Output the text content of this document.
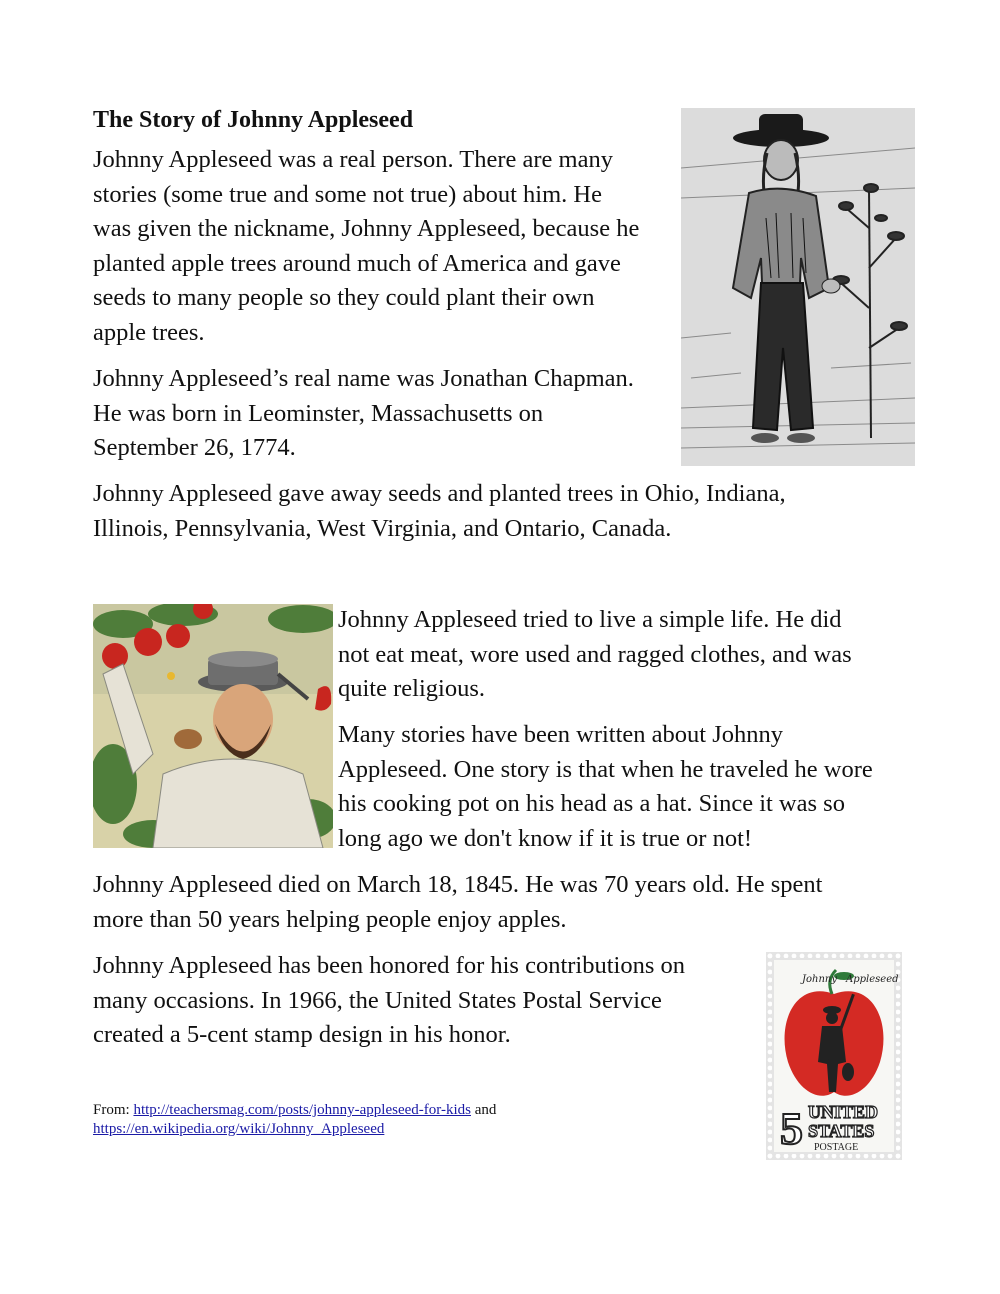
The Story of Johnny Appleseed

Johnny Appleseed was a real person. There are many
stories (some true and some not true) about him. He
was given the nickname, Johnny Appleseed, because he
planted apple trees around much of America and gave
seeds to many people so they could plant their own
apple trees.

Johnny Appleseed’s real name was Jonathan Chapman.
He was born in Leominster, Massachusetts on
September 26, 1774.

Johnny Appleseed gave away seeds and planted trees in Ohio, Indiana,
Illinois, Pennsylvania, West Virginia, and Ontario, Canada.

Johnny Appleseed tried to live a simple life. He did
not eat meat, wore used and ragged clothes, and was
quite religious.

Many stories have been written about Johnny
Appleseed. One story is that when he traveled he wore
his cooking pot on his head as a hat. Since it was so
long ago we don't know if it is true or not!

Johnny Appleseed died on March 18, 1845. He was 70 years old. He spent
more than 50 years helping people enjoy apples.

Johnny Appleseed has been honored for his contributions on
many occasions. In 1966, the United States Postal Service
created a 5-cent stamp design in his honor.

From: http://teachersmag.com/posts/johnny-appleseed-for-kids and
https://en.wikipedia.org/wiki/Johnny_Appleseed
Johnny Appleseed
5 UNITED
STATES
POSTAGE
